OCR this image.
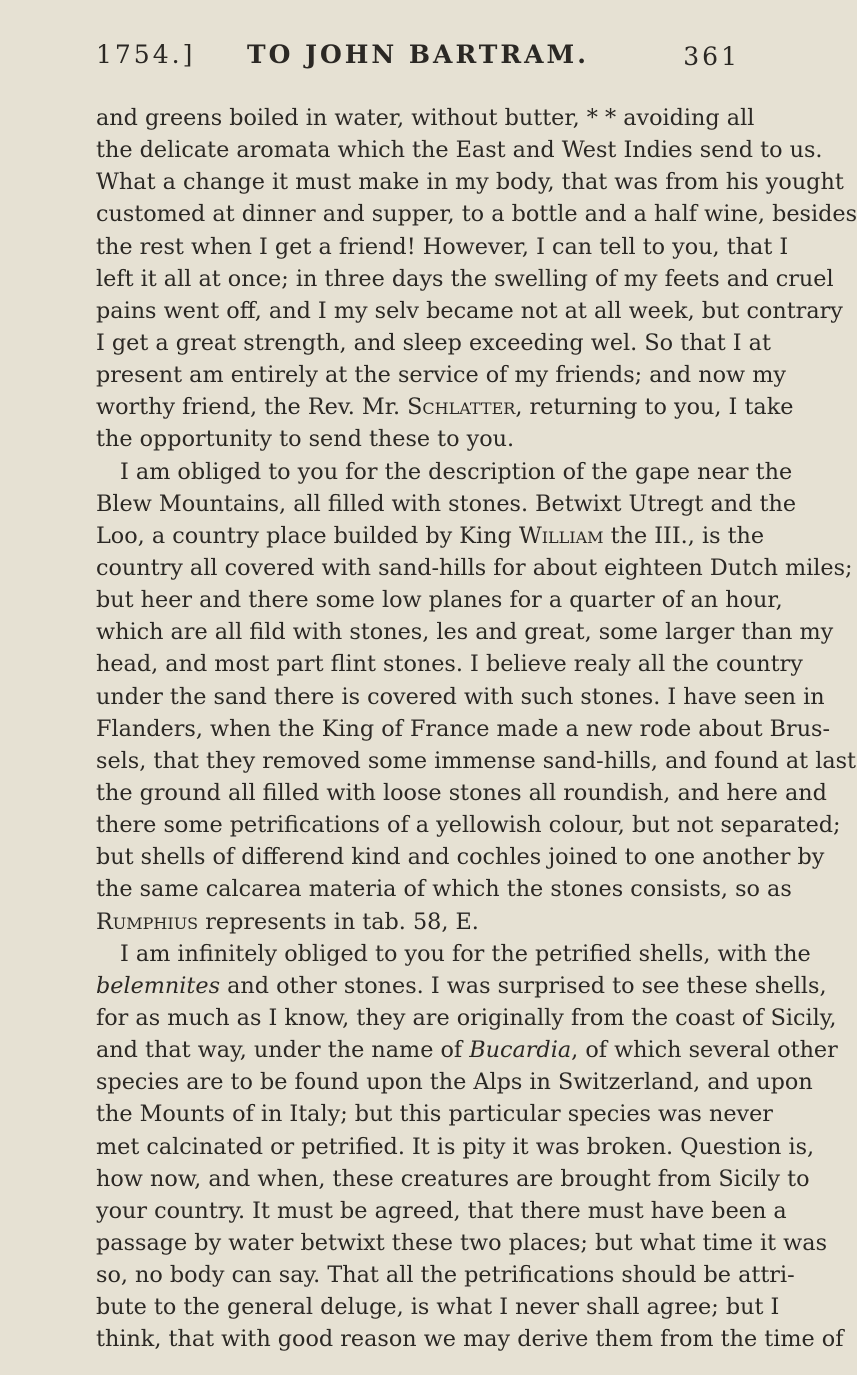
1754.]	TO JOHN BARTRAM.	361
and greens boiled in water, without butter, * * avoiding all
the delicate aromata which the East and West Indies send to us.
What a change it must make in my body, that was from his yought
customed at dinner and supper, to a bottle and a half wine, besides
the rest when I get a friend! However, I can tell to you, that I
left it all at once; in three days the swelling of my feets and cruel
pains went off, and I my selv became not at all week, but contrary
I get a great strength, and sleep exceeding wel. So that I at
present am entirely at the service of my friends; and now my
worthy friend, the Rev. Mr. Schlatter, returning to you, I take
the opportunity to send these to you.
I am obliged to you for the description of the gape near the
Blew Mountains, all filled with stones. Betwixt Utregt and the
Loo, a country place builded by King William the III., is the
country all covered with sand-hills for about eighteen Dutch miles;
but heer and there some low planes for a quarter of an hour,
which are all fild with stones, les and great, some larger than my
head, and most part flint stones. I believe realy all the country
under the sand there is covered with such stones. I have seen in
Flanders, when the King of France made a new rode about Brus-
sels, that they removed some immense sand-hills, and found at last
the ground all filled with loose stones all roundish, and here and
there some petrifications of a yellowish colour, but not separated;
but shells of differend kind and cochles joined to one another by
the same calcarea materia of which the stones consists, so as
Rumphius represents in tab. 58, E.
I am infinitely obliged to you for the petrified shells, with the
belemnites and other stones. I was surprised to see these shells,
for as much as I know, they are originally from the coast of Sicily,
and that way, under the name of Bucardia, of which several other
species are to be found upon the Alps in Switzerland, and upon
the Mounts of in Italy; but this particular species was never
met calcinated or petrified. It is pity it was broken. Question is,
how now, and when, these creatures are brought from Sicily to
your country. It must be agreed, that there must have been a
passage by water betwixt these two places; but what time it was
so, no body can say. That all the petrifications should be attri-
bute to the general deluge, is what I never shall agree; but I
think, that with good reason we may derive them from the time of
